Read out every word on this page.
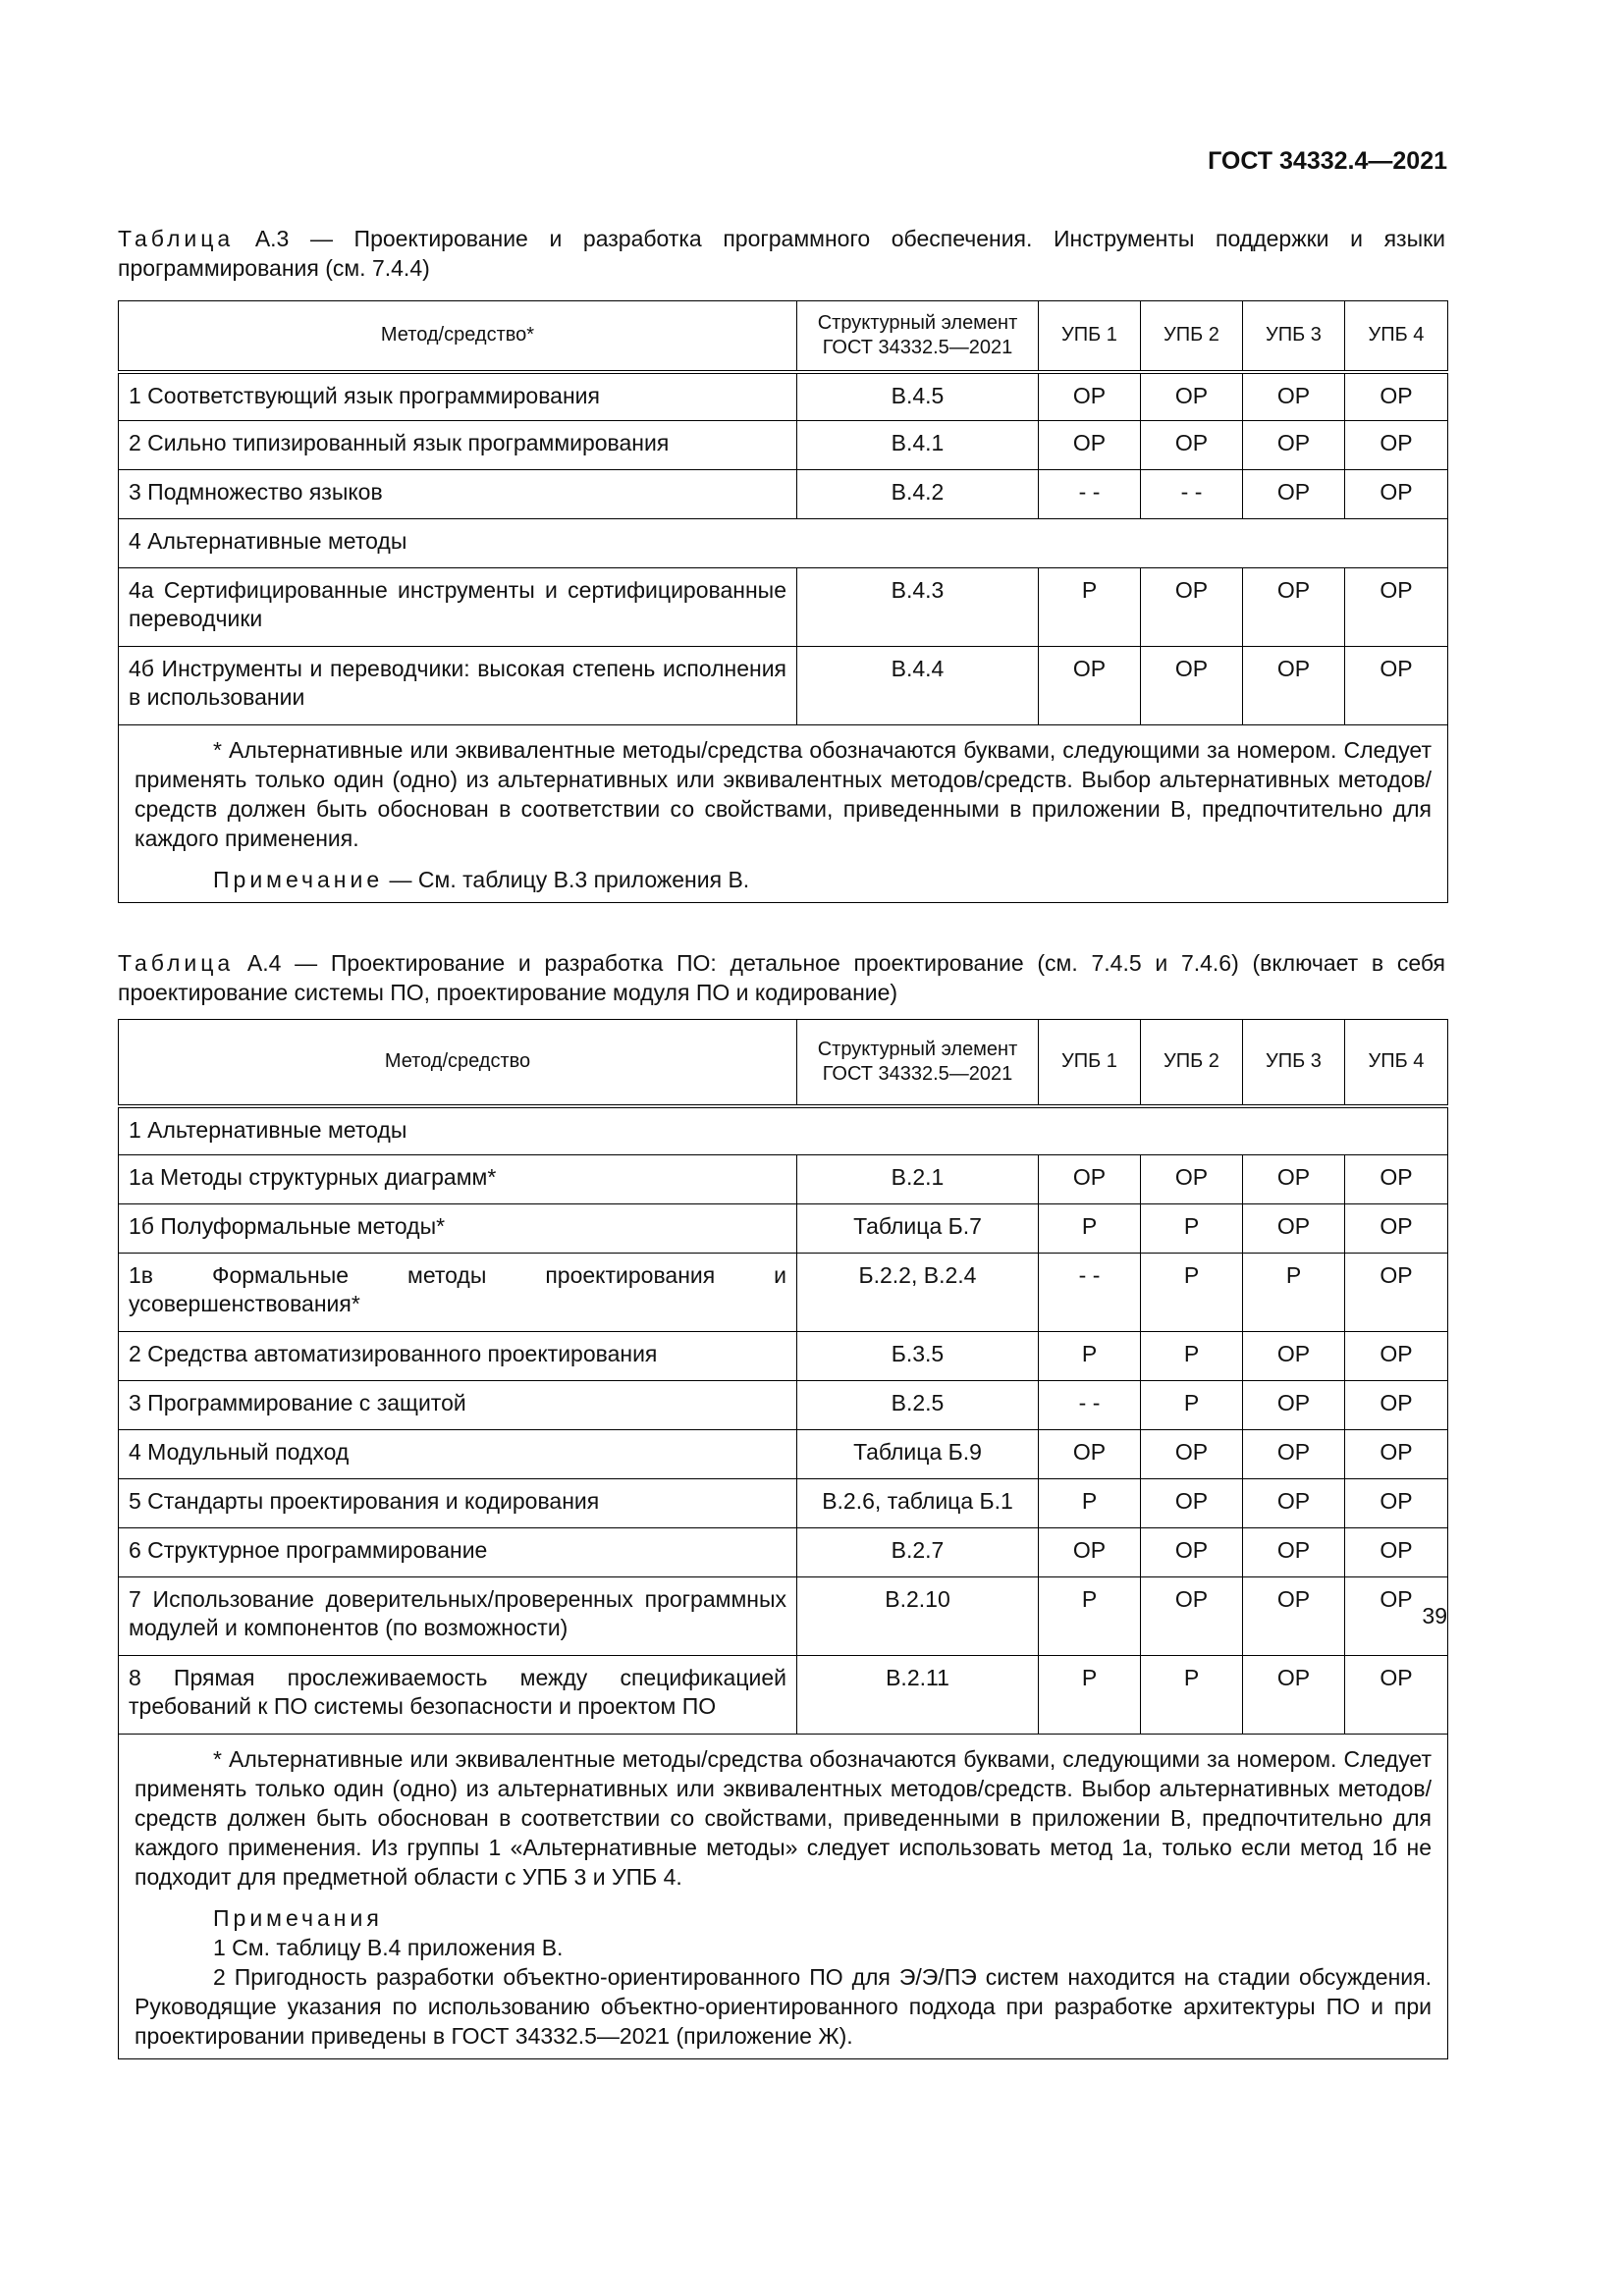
ГОСТ 34332.4—2021
Таблица А.3 — Проектирование и разработка программного обеспечения. Инструменты поддержки и языки программирования (см. 7.4.4)
Метод/средство*	Структурный элемент ГОСТ 34332.5—2021	УПБ 1	УПБ 2	УПБ 3	УПБ 4
1 Соответствующий язык программирования	В.4.5	ОР	ОР	ОР	ОР
2 Сильно типизированный язык программирования	В.4.1	ОР	ОР	ОР	ОР
3 Подмножество языков	В.4.2	- -	- -	ОР	ОР
4 Альтернативные методы					
4а Сертифицированные инструменты и сертифицированные переводчики	В.4.3	Р	ОР	ОР	ОР
4б Инструменты и переводчики: высокая степень исполнения в использовании	В.4.4	ОР	ОР	ОР	ОР

* Альтернативные или эквивалентные методы/средства обозначаются буквами, следующими за номером. Следует применять только один (одно) из альтернативных или эквивалентных методов/средств. Выбор альтернативных методов/средств должен быть обоснован в соответствии со свойствами, приведенными в приложении В, предпочтительно для каждого применения.

Примечание — См. таблицу В.3 приложения В.					

Таблица А.4 — Проектирование и разработка ПО: детальное проектирование (см. 7.4.5 и 7.4.6) (включает в себя проектирование системы ПО, проектирование модуля ПО и кодирование)
Метод/средство	Структурный элемент ГОСТ 34332.5—2021	УПБ 1	УПБ 2	УПБ 3	УПБ 4
1 Альтернативные методы					
1а Методы структурных диаграмм*	В.2.1	ОР	ОР	ОР	ОР
1б Полуформальные методы*	Таблица Б.7	Р	Р	ОР	ОР
1в Формальные методы проектирования и усовершенствования*	Б.2.2, В.2.4	- -	Р	Р	ОР
2 Средства автоматизированного проектирования	Б.3.5	Р	Р	ОР	ОР
3 Программирование с защитой	В.2.5	- -	Р	ОР	ОР
4 Модульный подход	Таблица Б.9	ОР	ОР	ОР	ОР
5 Стандарты проектирования и кодирования	В.2.6, таблица Б.1	Р	ОР	ОР	ОР
6 Структурное программирование	В.2.7	ОР	ОР	ОР	ОР
7 Использование доверительных/проверенных программных модулей и компонентов (по возможности)	В.2.10	Р	ОР	ОР	ОР
8 Прямая прослеживаемость между спецификацией требований к ПО системы безопасности и проектом ПО	В.2.11	Р	Р	ОР	ОР

* Альтернативные или эквивалентные методы/средства обозначаются буквами, следующими за номером. Следует применять только один (одно) из альтернативных или эквивалентных методов/средств. Выбор альтернативных методов/средств должен быть обоснован в соответствии со свойствами, приведенными в приложении В, предпочтительно для каждого применения. Из группы 1 «Альтернативные методы» следует использовать метод 1а, только если метод 1б не подходит для предметной области с УПБ 3 и УПБ 4.

Примечания

1 См. таблицу В.4 приложения В.

2 Пригодность разработки объектно-ориентированного ПО для Э/Э/ПЭ систем находится на стадии обсуждения. Руководящие указания по использованию объектно-ориентированного подхода при разработке архитектуры ПО и при проектировании приведены в ГОСТ 34332.5—2021 (приложение Ж).					

39
